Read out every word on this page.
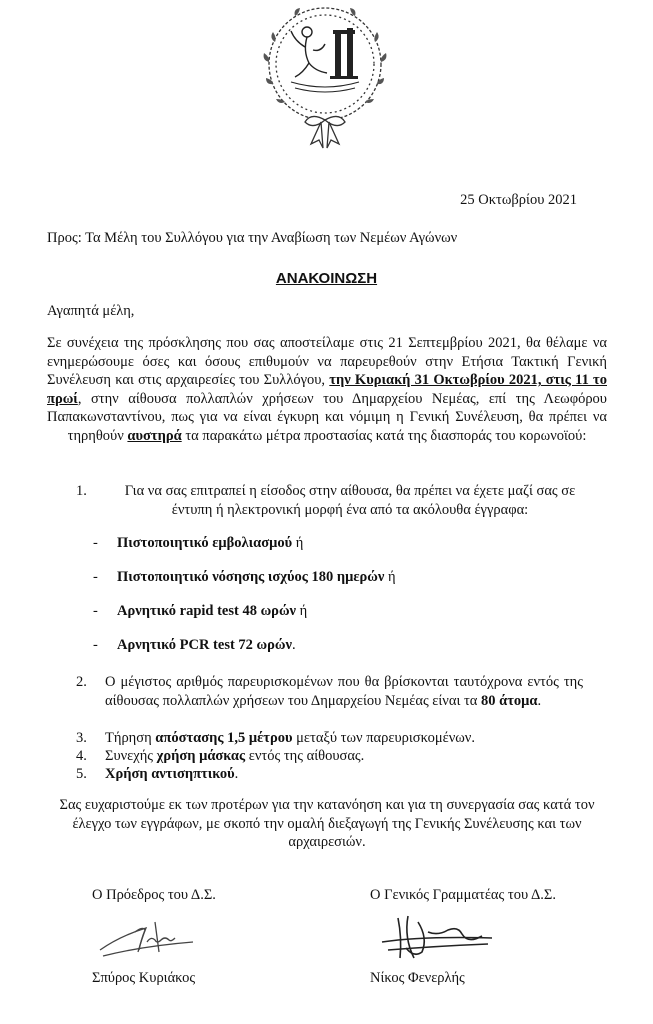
25 Οκτωβρίου 2021
Προς: Τα Μέλη του Συλλόγου για την Αναβίωση των Νεμέων Αγώνων
ΑΝΑΚΟΙΝΩΣΗ
Αγαπητά μέλη,
Σε συνέχεια της πρόσκλησης που σας αποστείλαμε στις 21 Σεπτεμβρίου 2021, θα θέλαμε να ενημερώσουμε όσες και όσους επιθυμούν να παρευρεθούν στην Ετήσια Τακτική Γενική Συνέλευση και στις αρχαιρεσίες του Συλλόγου, την Κυριακή 31 Οκτωβρίου 2021, στις 11 το πρωί, στην αίθουσα πολλαπλών χρήσεων του Δημαρχείου Νεμέας, επί της Λεωφόρου Παπακωνσταντίνου, πως για να είναι έγκυρη και νόμιμη η Γενική Συνέλευση, θα πρέπει να τηρηθούν αυστηρά τα παρακάτω μέτρα προστασίας κατά της διασποράς του κορωνοϊού:
1.	Για να σας επιτραπεί η είσοδος στην αίθουσα, θα πρέπει να έχετε μαζί σας σε έντυπη ή ηλεκτρονική μορφή ένα από τα ακόλουθα έγγραφα:
- Πιστοποιητικό εμβολιασμού ή
- Πιστοποιητικό νόσησης ισχύος 180 ημερών ή
- Αρνητικό rapid test 48 ωρών ή
- Αρνητικό PCR test 72 ωρών.
2. Ο μέγιστος αριθμός παρευρισκομένων που θα βρίσκονται ταυτόχρονα εντός της αίθουσας πολλαπλών χρήσεων του Δημαρχείου Νεμέας είναι τα 80 άτομα.
3. Τήρηση απόστασης 1,5 μέτρου μεταξύ των παρευρισκομένων.
4. Συνεχής χρήση μάσκας εντός της αίθουσας.
5. Χρήση αντισηπτικού.
Σας ευχαριστούμε εκ των προτέρων για την κατανόηση και για τη συνεργασία σας κατά τον έλεγχο των εγγράφων, με σκοπό την ομαλή διεξαγωγή της Γενικής Συνέλευσης και των αρχαιρεσιών.
Ο Πρόεδρος του Δ.Σ.	Ο Γενικός Γραμματέας του Δ.Σ.
Σπύρος Κυριάκος	Νίκος Φενερλής
